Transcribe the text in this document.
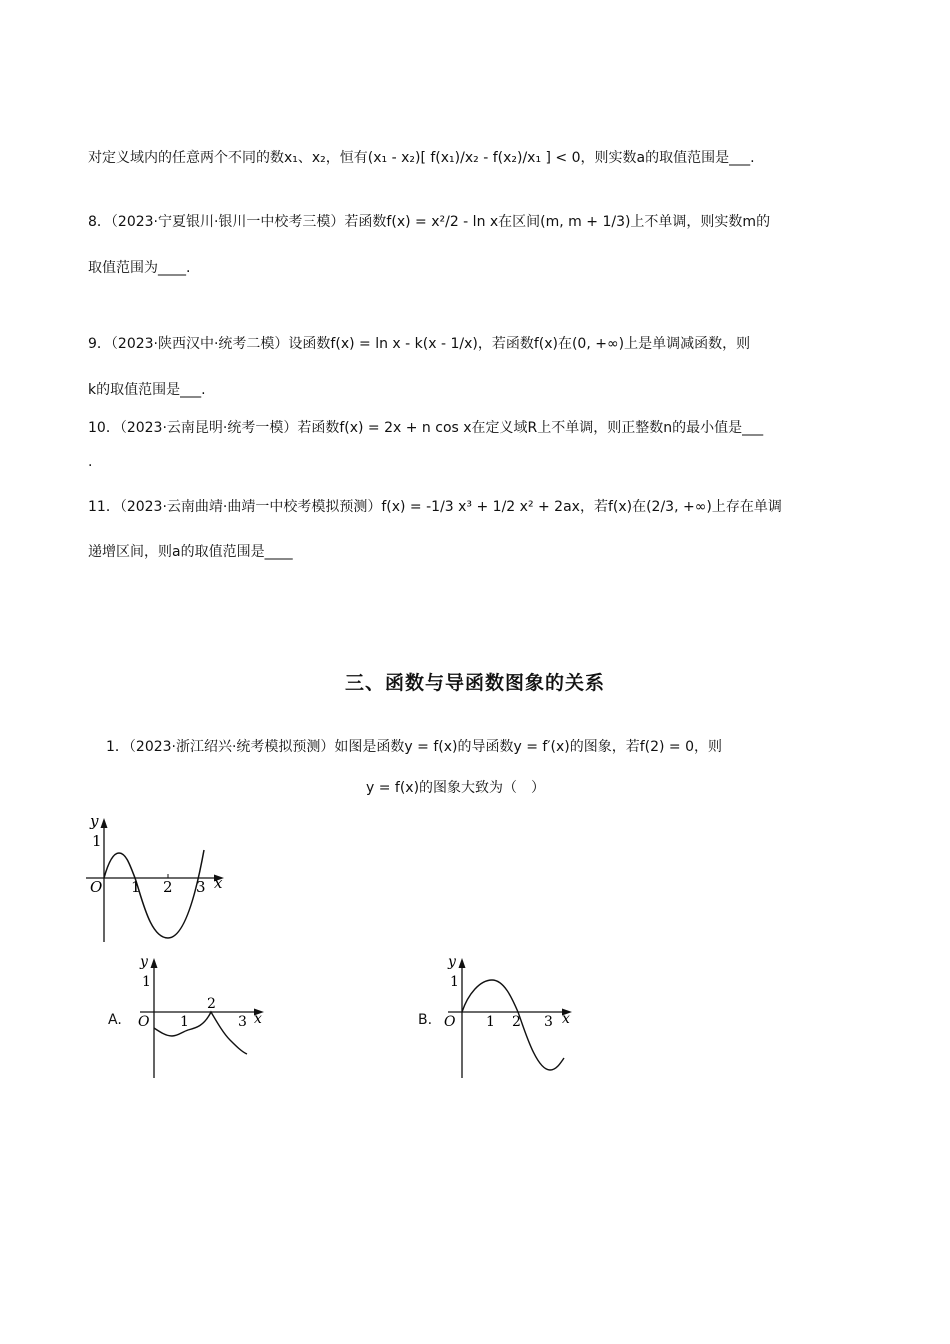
对定义域内的任意两个不同的数x₁、x₂，恒有(x₁ - x₂)[ f(x₁)/x₂ - f(x₂)/x₁ ] < 0，则实数a的取值范围是___.
8．（2023·宁夏银川·银川一中校考三模）若函数f(x) = x²/2 - ln x在区间(m, m + 1/3)上不单调，则实数m的
取值范围为____.
9．（2023·陕西汉中·统考二模）设函数f(x) = ln x - k(x - 1/x)，若函数f(x)在(0, +∞)上是单调减函数，则
k的取值范围是___.
10．（2023·云南昆明·统考一模）若函数f(x) = 2x + n cos x在定义域R上不单调，则正整数n的最小值是___
.
11．（2023·云南曲靖·曲靖一中校考模拟预测）f(x) = -1/3 x³ + 1/2 x² + 2ax，若f(x)在(2/3, +∞)上存在单调
递增区间，则a的取值范围是____
三、函数与导函数图象的关系
1．（2023·浙江绍兴·统考模拟预测）如图是函数y = f(x)的导函数y = f′(x)的图象，若f(2) = 0，则
y = f(x)的图象大致为（　）
y
1
O 1 2 3 x
A.
y
1
O 1
2
3 x	B.
y
1
O 1 2 3 x
